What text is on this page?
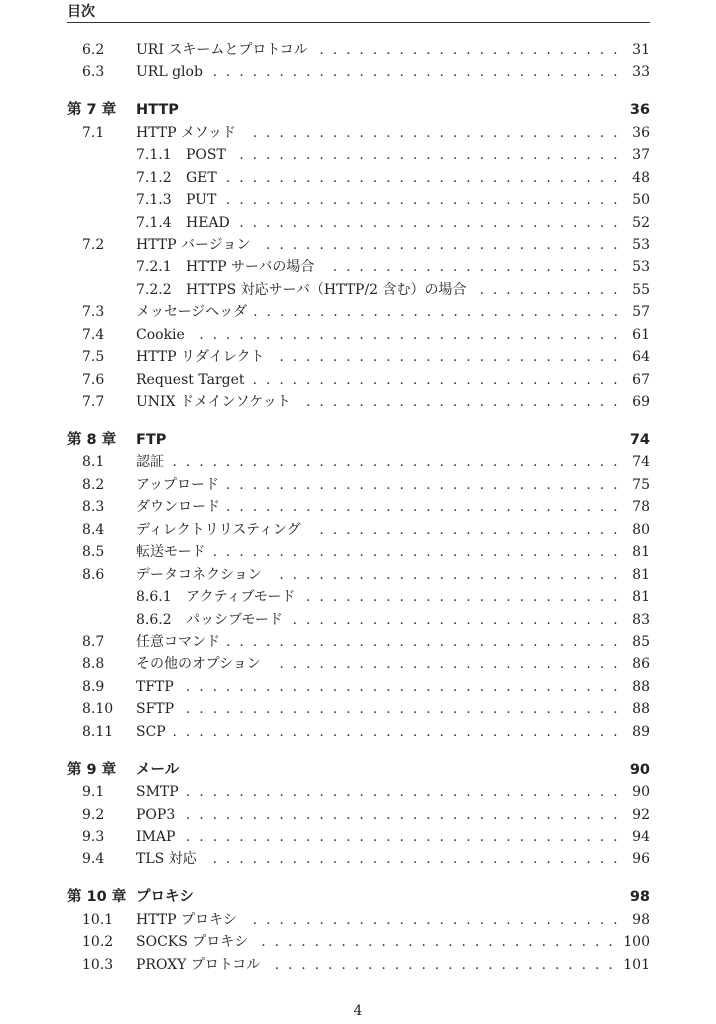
目次
6.2	URI スキームとプロトコル .  .  .  .  .  .  .  .  .  .  .  .  .  .  .  .  .  .  .  .  .  .  . 31
6.3	URL glob .  .  .  .  .  .  .  .  .  .  .  .  .  .  .  .  .  .  .  .  .  .  .  .  .  .  .  .  .  .  . 33
第 7 章	HTTP	36
7.1	HTTP メソッド	.  .  .  .  .  .  .  .  .  .  .  .  .  .  .  .  .  .  .  .  .  .  .  .  .  .  .  . 36
7.1.1	POST .  .  .  .  .  .  .  .  .  .  .  .  .  .  .  .  .  .  .  .  .  .  .  .  .  .  .  .  . 37
7.1.2	GET .  .  .  .  .  .  .  .  .  .  .  .  .  .  .  .  .  .  .  .  .  .  .  .  .  .  .  .  .  . 48
7.1.3	PUT .  .  .  .  .  .  .  .  .  .  .  .  .  .  .  .  .  .  .  .  .  .  .  .  .  .  .  .  .  . 50
7.1.4	HEAD .  .  .  .  .  .  .  .  .  .  .  .  .  .  .  .  .  .  .  .  .  .  .  .  .  .  .  .  . 52
7.2	HTTP バージョン	.  .  .  .  .  .  .  .  .  .  .  .  .  .  .  .  .  .  .  .  .  .  .  .  .  .  . 53
7.2.1	HTTP サーバの場合	.  .  .  .  .  .  .  .  .  .  .  .  .  .  .  .  .  .  .  .  .  . 53
7.2.2	HTTPS 対応サーバ（HTTP/2 含む）の場合 .  .  .  .  .  .  .  .  .  .  . 55
7.3	メッセージヘッダ .  .  .  .  .  .  .  .  .  .  .  .  .  .  .  .  .  .  .  .  .  .  .  .  .  .  .  . 57
7.4	Cookie	.  .  .  .  .  .  .  .  .  .  .  .  .  .  .  .  .  .  .  .  .  .  .  .  .  .  .  .  .  .  .  . 61
7.5	HTTP リダイレクト	.  .  .  .  .  .  .  .  .  .  .  .  .  .  .  .  .  .  .  .  .  .  .  .  .  . 64
7.6	Request Target .  .  .  .  .  .  .  .  .  .  .  .  .  .  .  .  .  .  .  .  .  .  .  .  .  .  .  . 67
7.7	UNIX ドメインソケット	.  .  .  .  .  .  .  .  .  .  .  .  .  .  .  .  .  .  .  .  .  .  .  . 69
第 8 章	FTP	74
8.1	認証 .  .  .  .  .  .  .  .  .  .  .  .  .  .  .  .  .  .  .  .  .  .  .  .  .  .  .  .  .  .  .  .  .  . 74
8.2	アップロード .  .  .  .  .  .  .  .  .  .  .  .  .  .  .  .  .  .  .  .  .  .  .  .  .  .  .  .  .  . 75
8.3	ダウンロード .  .  .  .  .  .  .  .  .  .  .  .  .  .  .  .  .  .  .  .  .  .  .  .  .  .  .  .  .  . 78
8.4	ディレクトリリスティング	.  .  .  .  .  .  .  .  .  .  .  .  .  .  .  .  .  .  .  .  .  .  . 80
8.5	転送モード .  .  .  .  .  .  .  .  .  .  .  .  .  .  .  .  .  .  .  .  .  .  .  .  .  .  .  .  .  .  . 81
8.6	データコネクション	.  .  .  .  .  .  .  .  .  .  .  .  .  .  .  .  .  .  .  .  .  .  .  .  .  . 81
8.6.1	アクティブモード .  .  .  .  .  .  .  .  .  .  .  .  .  .  .  .  .  .  .  .  .  .  .  . 81
8.6.2	パッシブモード .  .  .  .  .  .  .  .  .  .  .  .  .  .  .  .  .  .  .  .  .  .  .  .  . 83
8.7	任意コマンド .  .  .  .  .  .  .  .  .  .  .  .  .  .  .  .  .  .  .  .  .  .  .  .  .  .  .  .  .  . 85
8.8	その他のオプション	.  .  .  .  .  .  .  .  .  .  .  .  .  .  .  .  .  .  .  .  .  .  .  .  .  . 86
8.9	TFTP .  .  .  .  .  .  .  .  .  .  .  .  .  .  .  .  .  .  .  .  .  .  .  .  .  .  .  .  .  .  .  .  . 88
8.10	SFTP .  .  .  .  .  .  .  .  .  .  .  .  .  .  .  .  .  .  .  .  .  .  .  .  .  .  .  .  .  .  .  .  . 88
8.11	SCP .  .  .  .  .  .  .  .  .  .  .  .  .  .  .  .  .  .  .  .  .  .  .  .  .  .  .  .  .  .  .  .  .  . 89
第 9 章	メール	90
9.1	SMTP .  .  .  .  .  .  .  .  .  .  .  .  .  .  .  .  .  .  .  .  .  .  .  .  .  .  .  .  .  .  .  .  . 90
9.2	POP3 .  .  .  .  .  .  .  .  .  .  .  .  .  .  .  .  .  .  .  .  .  .  .  .  .  .  .  .  .  .  .  .  . 92
9.3	IMAP .  .  .  .  .  .  .  .  .  .  .  .  .  .  .  .  .  .  .  .  .  .  .  .  .  .  .  .  .  .  .  .  . 94
9.4	TLS 対応	.  .  .  .  .  .  .  .  .  .  .  .  .  .  .  .  .  .  .  .  .  .  .  .  .  .  .  .  .  .  . 96
第 10 章 プロキシ	98
10.1	HTTP プロキシ	.  .  .  .  .  .  .  .  .  .  .  .  .  .  .  .  .  .  .  .  .  .  .  .  .  .  .  . 98
10.2	SOCKS プロキシ .  .  .  .  .  .  .  .  .  .  .  .  .  .  .  .  .  .  .  .  .  .  .  .  .  .  . 100
10.3	PROXY プロトコル	.  .  .  .  .  .  .  .  .  .  .  .  .  .  .  .  .  .  .  .  .  .  .  .  .  . 101
4
